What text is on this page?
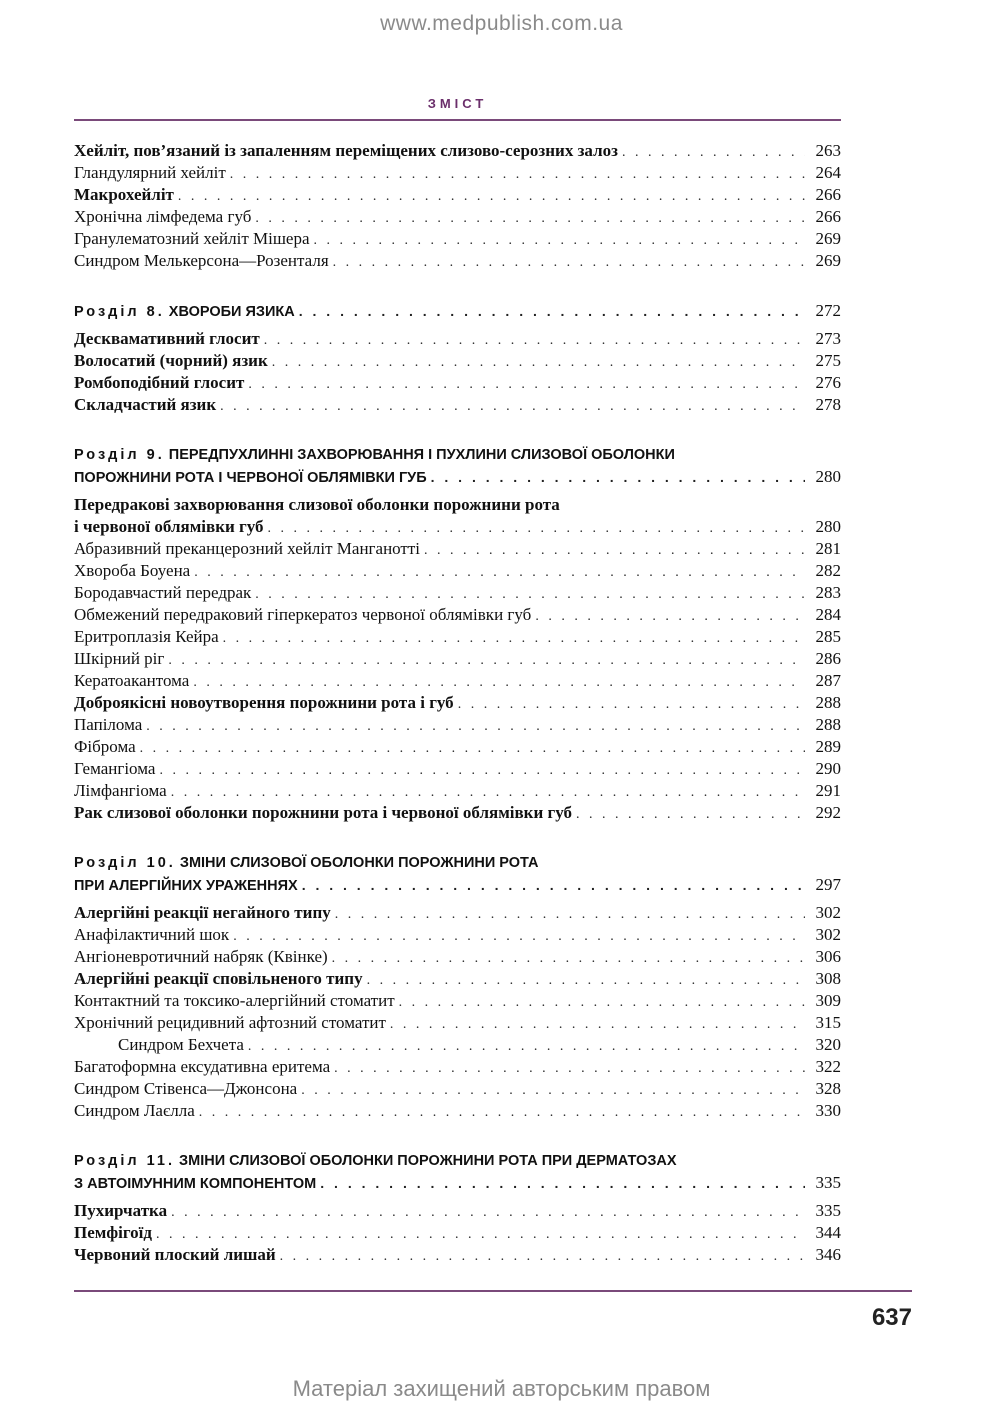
www.medpublish.com.ua
ЗМІСТ
Хейліт, пов’язаний із запаленням переміщених слизово-серозних залоз . . .	263
Гландулярний хейліт . . .	264
Макрохейліт . . .	266
Хронічна лімфедема губ . . .	266
Гранулематозний хейліт Мішера . . .	269
Синдром Мелькерсона—Розенталя . . .	269
Розділ 8. ХВОРОБИ ЯЗИКА . . .	272
Десквамативний глосит . . .	273
Волосатий (чорний) язик . . .	275
Ромбоподібний глосит . . .	276
Складчастий язик . . .	278
Розділ 9. ПЕРЕДПУХЛИННІ ЗАХВОРЮВАННЯ І ПУХЛИНИ СЛИЗОВОЇ ОБОЛОНКИ
ПОРОЖНИНИ РОТА І ЧЕРВОНОЇ ОБЛЯМІВКИ ГУБ . . .	280
Передракові захворювання слизової оболонки порожнини рота
і червоної облямівки губ . . .	280
Абразивний преканцерозний хейліт Манганотті . . .	281
Хвороба Боуена . . .	282
Бородавчастий передрак . . .	283
Обмежений передраковий гіперкератоз червоної облямівки губ . . .	284
Еритроплазія Кейра . . .	285
Шкірний ріг . . .	286
Кератоакантома . . .	287
Доброякісні новоутворення порожнини рота і губ . . .	288
Папілома . . .	288
Фіброма . . .	289
Гемангіома . . .	290
Лімфангіома . . .	291
Рак слизової оболонки порожнини рота і червоної облямівки губ . . .	292
Розділ 10. ЗМІНИ СЛИЗОВОЇ ОБОЛОНКИ ПОРОЖНИНИ РОТА
ПРИ АЛЕРГІЙНИХ УРАЖЕННЯХ . . .	297
Алергійні реакції негайного типу . . .	302
Анафілактичний шок . . .	302
Ангіоневротичний набряк (Квінке) . . .	306
Алергійні реакції сповільненого типу . . .	308
Контактний та токсико-алергійний стоматит . . .	309
Хронічний рецидивний афтозний стоматит . . .	315
Синдром Бехчета . . .	320
Багатоформна ексудативна еритема . . .	322
Синдром Стівенса—Джонсона . . .	328
Синдром Лаєлла . . .	330
Розділ 11. ЗМІНИ СЛИЗОВОЇ ОБОЛОНКИ ПОРОЖНИНИ РОТА ПРИ ДЕРМАТОЗАХ
З АВТОІМУННИМ КОМПОНЕНТОМ . . .	335
Пухирчатка . . .	335
Пемфігоїд . . .	344
Червоний плоский лишай . . .	346
637
Матеріал захищений авторським правом
